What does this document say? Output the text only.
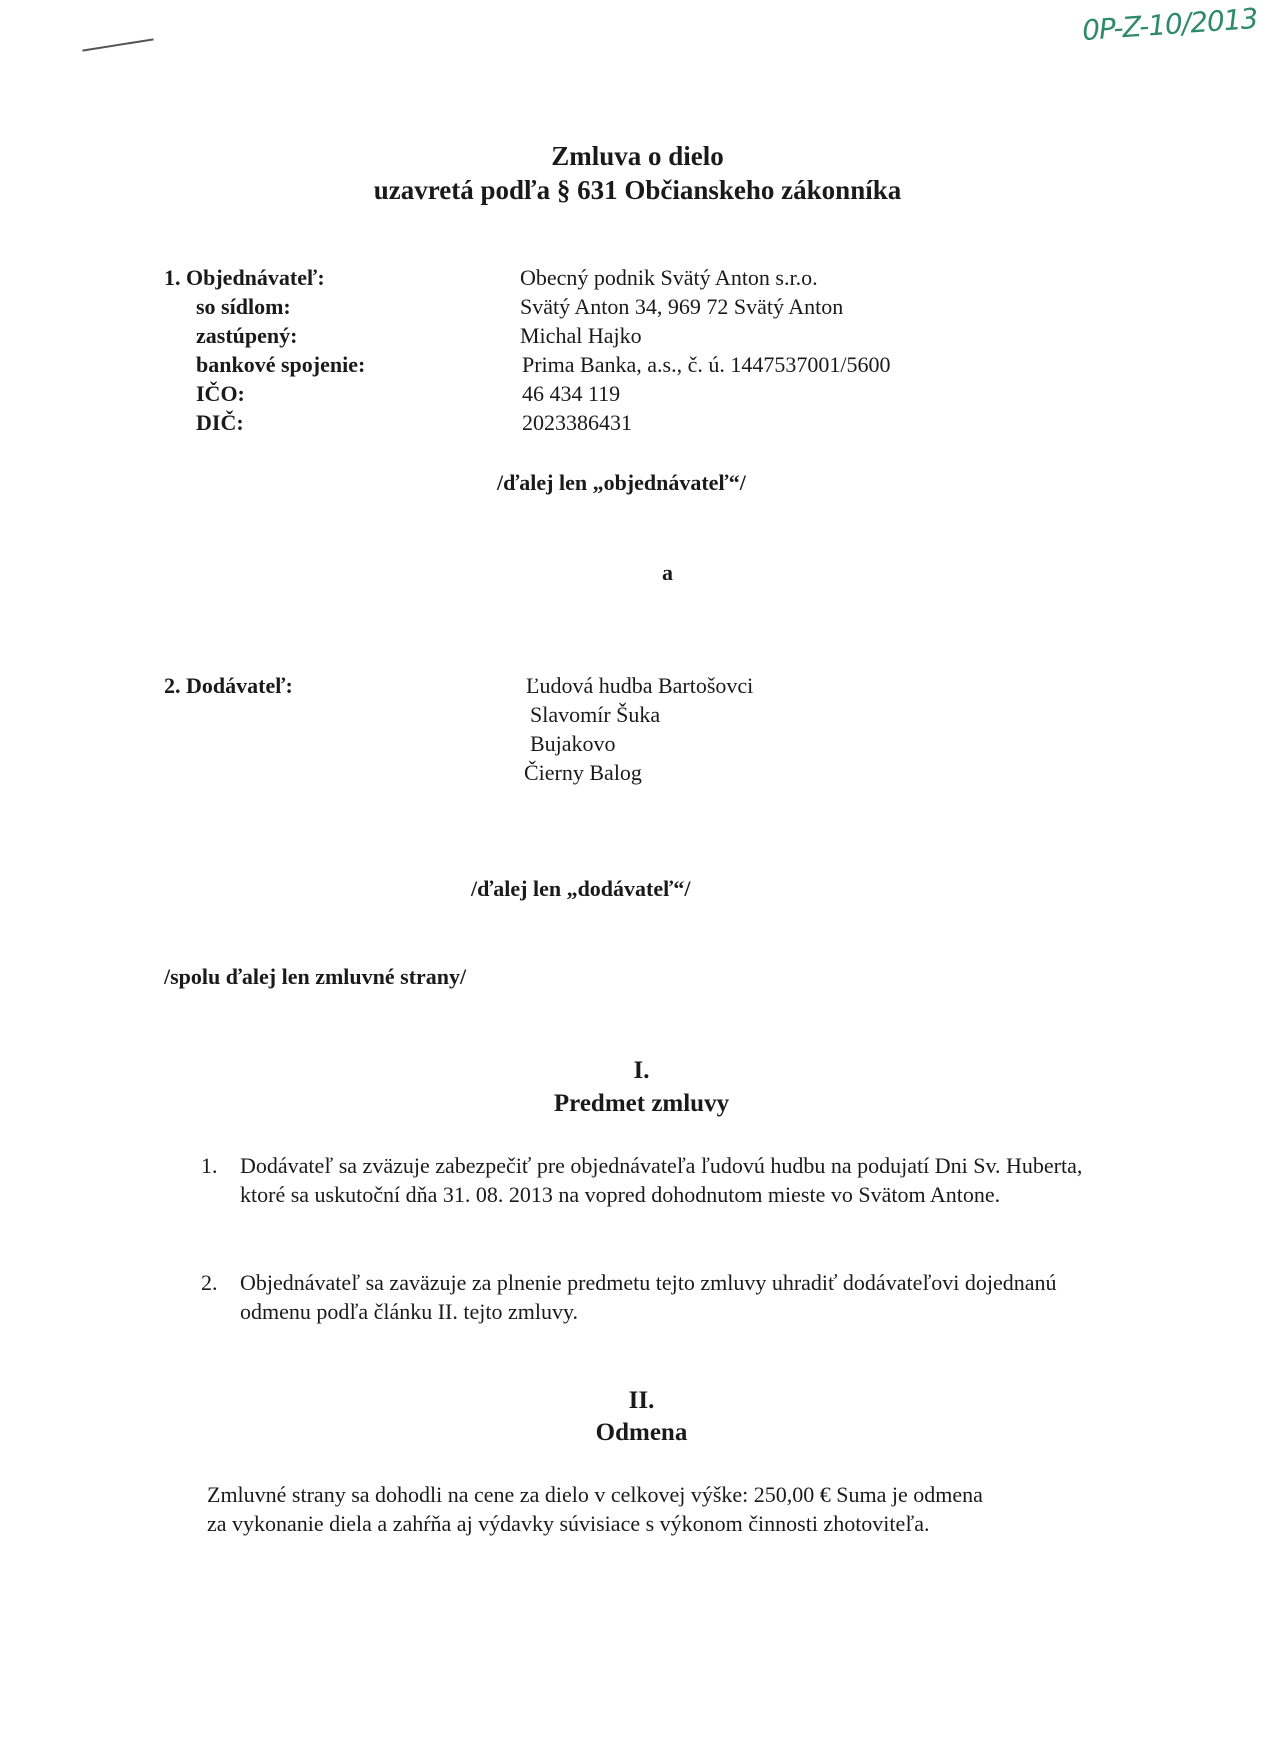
0P-Z-10/2013
Zmluva o dielo
uzavretá podľa § 631 Občianskeho zákonníka
1. Objednávateľ:	Obecný podnik Svätý Anton s.r.o.
so sídlom:	Svätý Anton 34, 969 72 Svätý Anton
zastúpený:	Michal Hajko
bankové spojenie:	Prima Banka, a.s., č. ú. 1447537001/5600
IČO:	46 434 119
DIČ:	2023386431
/ďalej len „objednávateľ“/
a
2. Dodávateľ:	Ľudová hudba Bartošovci
Slavomír Šuka
Bujakovo
Čierny Balog
/ďalej len „dodávateľ“/
/spolu ďalej len zmluvné strany/
I.
Predmet zmluvy
1. Dodávateľ sa zväzuje zabezpečiť pre objednávateľa ľudovú hudbu na podujatí Dni Sv. Huberta, ktoré sa uskutoční dňa 31. 08. 2013 na vopred dohodnutom mieste vo Svätom Antone.
2. Objednávateľ sa zaväzuje za plnenie predmetu tejto zmluvy uhradiť dodávateľovi dojednanú odmenu podľa článku II. tejto zmluvy.
II.
Odmena
Zmluvné strany sa dohodli na cene za dielo v celkovej výške: 250,00 € Suma je odmena za vykonanie diela a zahŕňa aj výdavky súvisiace s výkonom činnosti zhotoviteľa.
